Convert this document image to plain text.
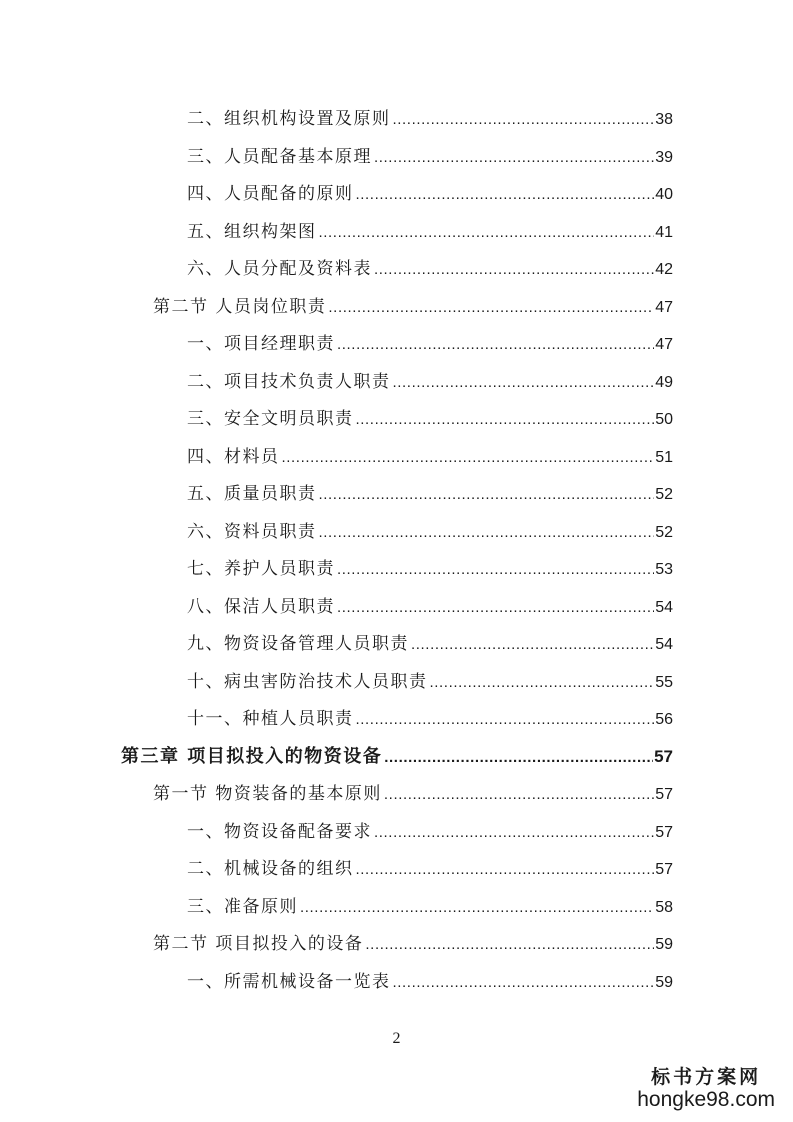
二、组织机构设置及原则 .....	38
三、人员配备基本原理 .....	39
四、人员配备的原则 .....	40
五、组织构架图 .....	41
六、人员分配及资料表 .....	42
第二节 人员岗位职责 .....	47
一、项目经理职责 .....	47
二、项目技术负责人职责 .....	49
三、安全文明员职责 .....	50
四、材料员 .....	51
五、质量员职责 .....	52
六、资料员职责 .....	52
七、养护人员职责 .....	53
八、保洁人员职责 .....	54
九、物资设备管理人员职责 .....	54
十、病虫害防治技术人员职责 .....	55
十一、种植人员职责 .....	56
第三章 项目拟投入的物资设备 .....	57
第一节 物资装备的基本原则 .....	57
一、物资设备配备要求 .....	57
二、机械设备的组织 .....	57
三、准备原则 .....	58
第二节 项目拟投入的设备 .....	59
一、所需机械设备一览表 .....	59
2
标书方案网
hongke98.com
